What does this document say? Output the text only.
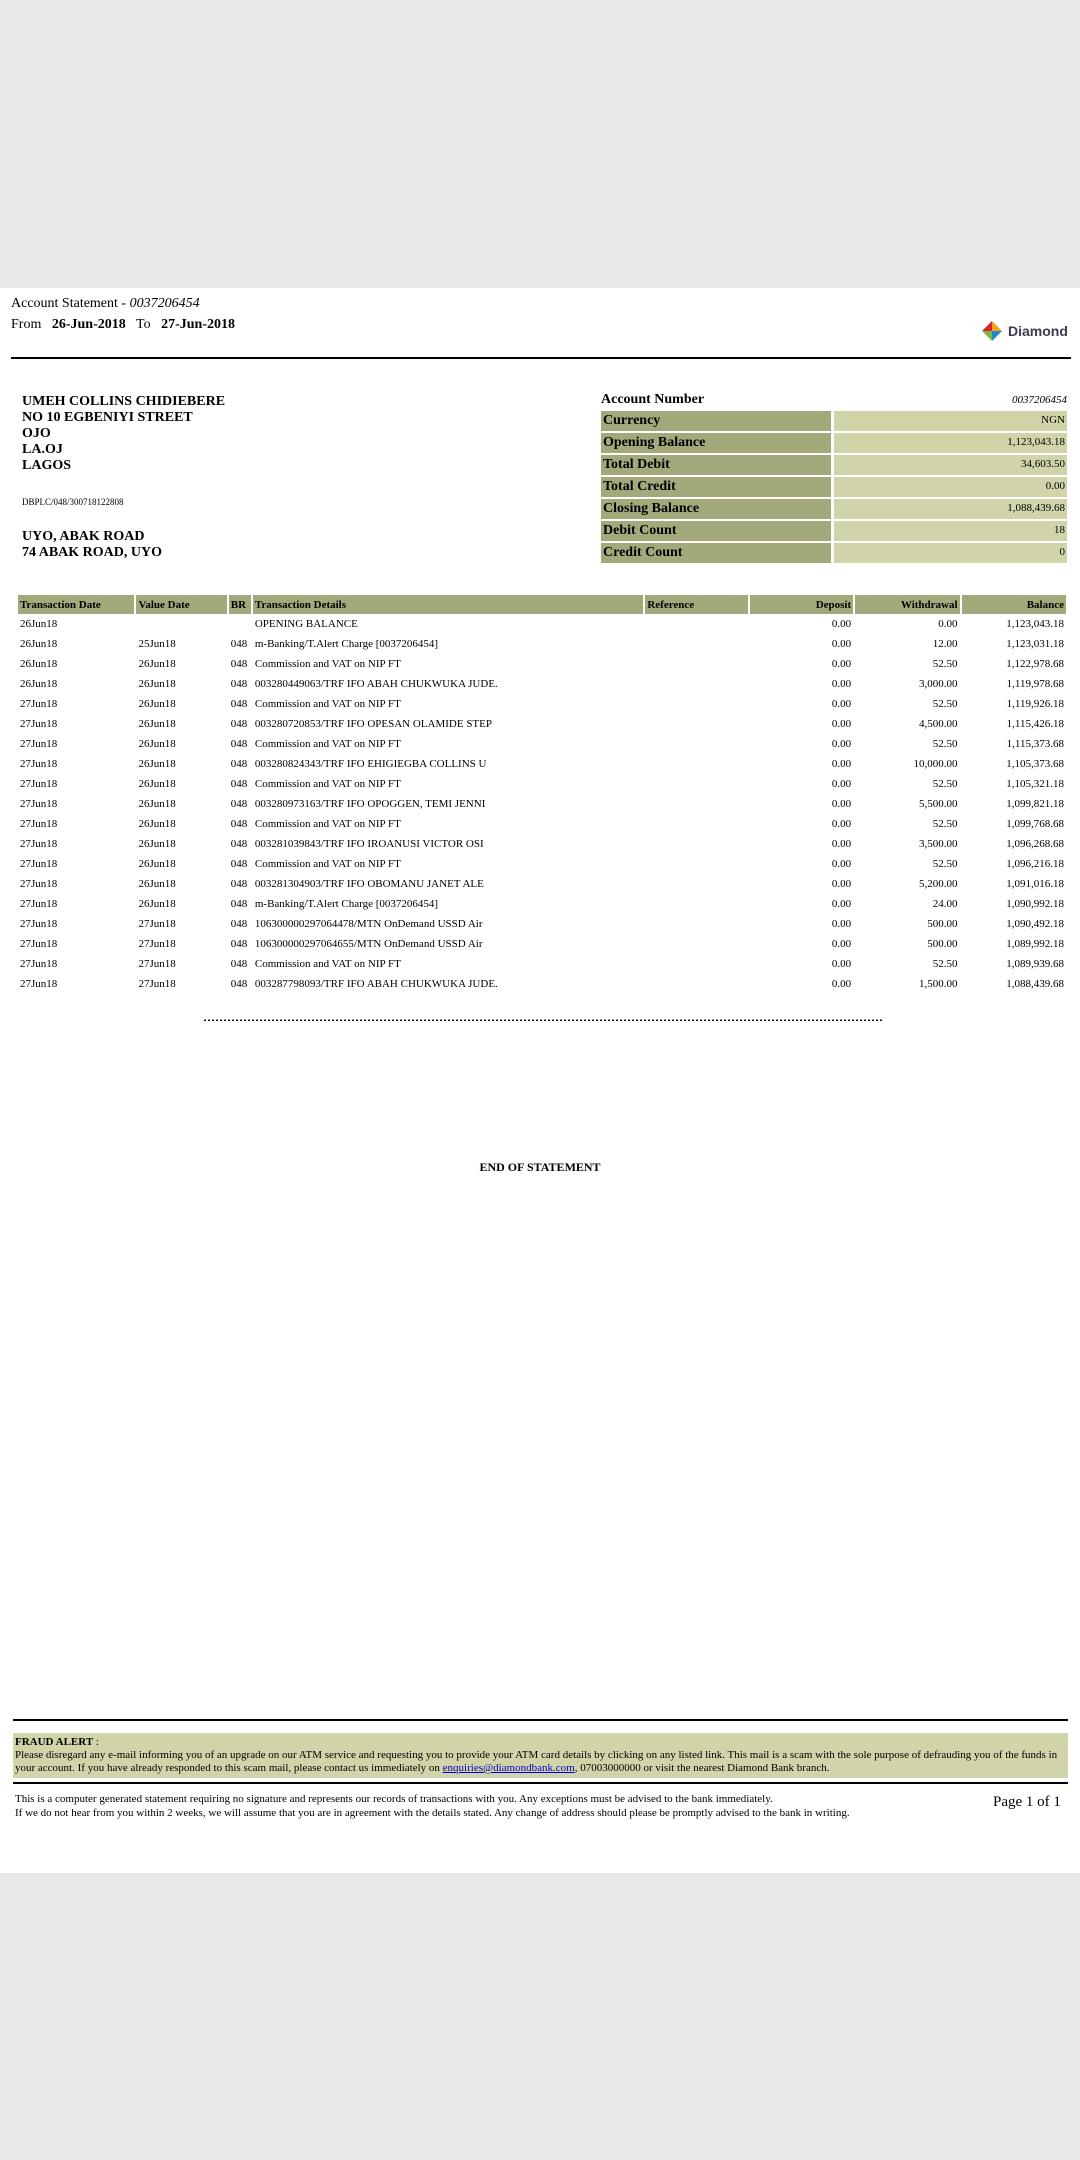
Account Statement - 0037206454
From 26-Jun-2018 To 27-Jun-2018	Diamond
UMEH COLLINS CHIDIEBERE
NO 10 EGBENIYI STREET
OJO
LA.OJ
LAGOS
DBPLC/048/300718122808
UYO, ABAK ROAD
74 ABAK ROAD, UYO
Account Number	0037206454
Currency	NGN
Opening Balance	1,123,043.18
Total Debit	34,603.50
Total Credit	0.00
Closing Balance	1,088,439.68
Debit Count	18
Credit Count	0
Transaction Date	Value Date	BR	Transaction Details	Reference	Deposit	Withdrawal	Balance
26Jun18			OPENING BALANCE		0.00	0.00	1,123,043.18
26Jun18	25Jun18	048	m-Banking/T.Alert Charge [0037206454]		0.00	12.00	1,123,031.18
26Jun18	26Jun18	048	Commission and VAT on NIP FT		0.00	52.50	1,122,978.68
26Jun18	26Jun18	048	003280449063/TRF IFO ABAH CHUKWUKA JUDE.		0.00	3,000.00	1,119,978.68
27Jun18	26Jun18	048	Commission and VAT on NIP FT		0.00	52.50	1,119,926.18
27Jun18	26Jun18	048	003280720853/TRF IFO OPESAN OLAMIDE STEP		0.00	4,500.00	1,115,426.18
27Jun18	26Jun18	048	Commission and VAT on NIP FT		0.00	52.50	1,115,373.68
27Jun18	26Jun18	048	003280824343/TRF IFO EHIGIEGBA COLLINS U		0.00	10,000.00	1,105,373.68
27Jun18	26Jun18	048	Commission and VAT on NIP FT		0.00	52.50	1,105,321.18
27Jun18	26Jun18	048	003280973163/TRF IFO OPOGGEN, TEMI JENNI		0.00	5,500.00	1,099,821.18
27Jun18	26Jun18	048	Commission and VAT on NIP FT		0.00	52.50	1,099,768.68
27Jun18	26Jun18	048	003281039843/TRF IFO IROANUSI VICTOR OSI		0.00	3,500.00	1,096,268.68
27Jun18	26Jun18	048	Commission and VAT on NIP FT		0.00	52.50	1,096,216.18
27Jun18	26Jun18	048	003281304903/TRF IFO OBOMANU JANET ALE		0.00	5,200.00	1,091,016.18
27Jun18	26Jun18	048	m-Banking/T.Alert Charge [0037206454]		0.00	24.00	1,090,992.18
27Jun18	27Jun18	048	106300000297064478/MTN OnDemand USSD Air		0.00	500.00	1,090,492.18
27Jun18	27Jun18	048	106300000297064655/MTN OnDemand USSD Air		0.00	500.00	1,089,992.18
27Jun18	27Jun18	048	Commission and VAT on NIP FT		0.00	52.50	1,089,939.68
27Jun18	27Jun18	048	003287798093/TRF IFO ABAH CHUKWUKA JUDE.		0.00	1,500.00	1,088,439.68
END OF STATEMENT
FRAUD ALERT :
Please disregard any e-mail informing you of an upgrade on our ATM service and requesting you to provide your ATM card details by clicking on any listed link. This mail is a scam with the sole purpose of defrauding you of the funds in your account. If you have already responded to this scam mail, please contact us immediately on enquiries@diamondbank.com, 07003000000 or visit the nearest Diamond Bank branch.
This is a computer generated statement requiring no signature and represents our records of transactions with you. Any exceptions must be advised to the bank immediately.
If we do not hear from you within 2 weeks, we will assume that you are in agreement with the details stated. Any change of address should please be promptly advised to the bank in writing.
Page 1 of 1
